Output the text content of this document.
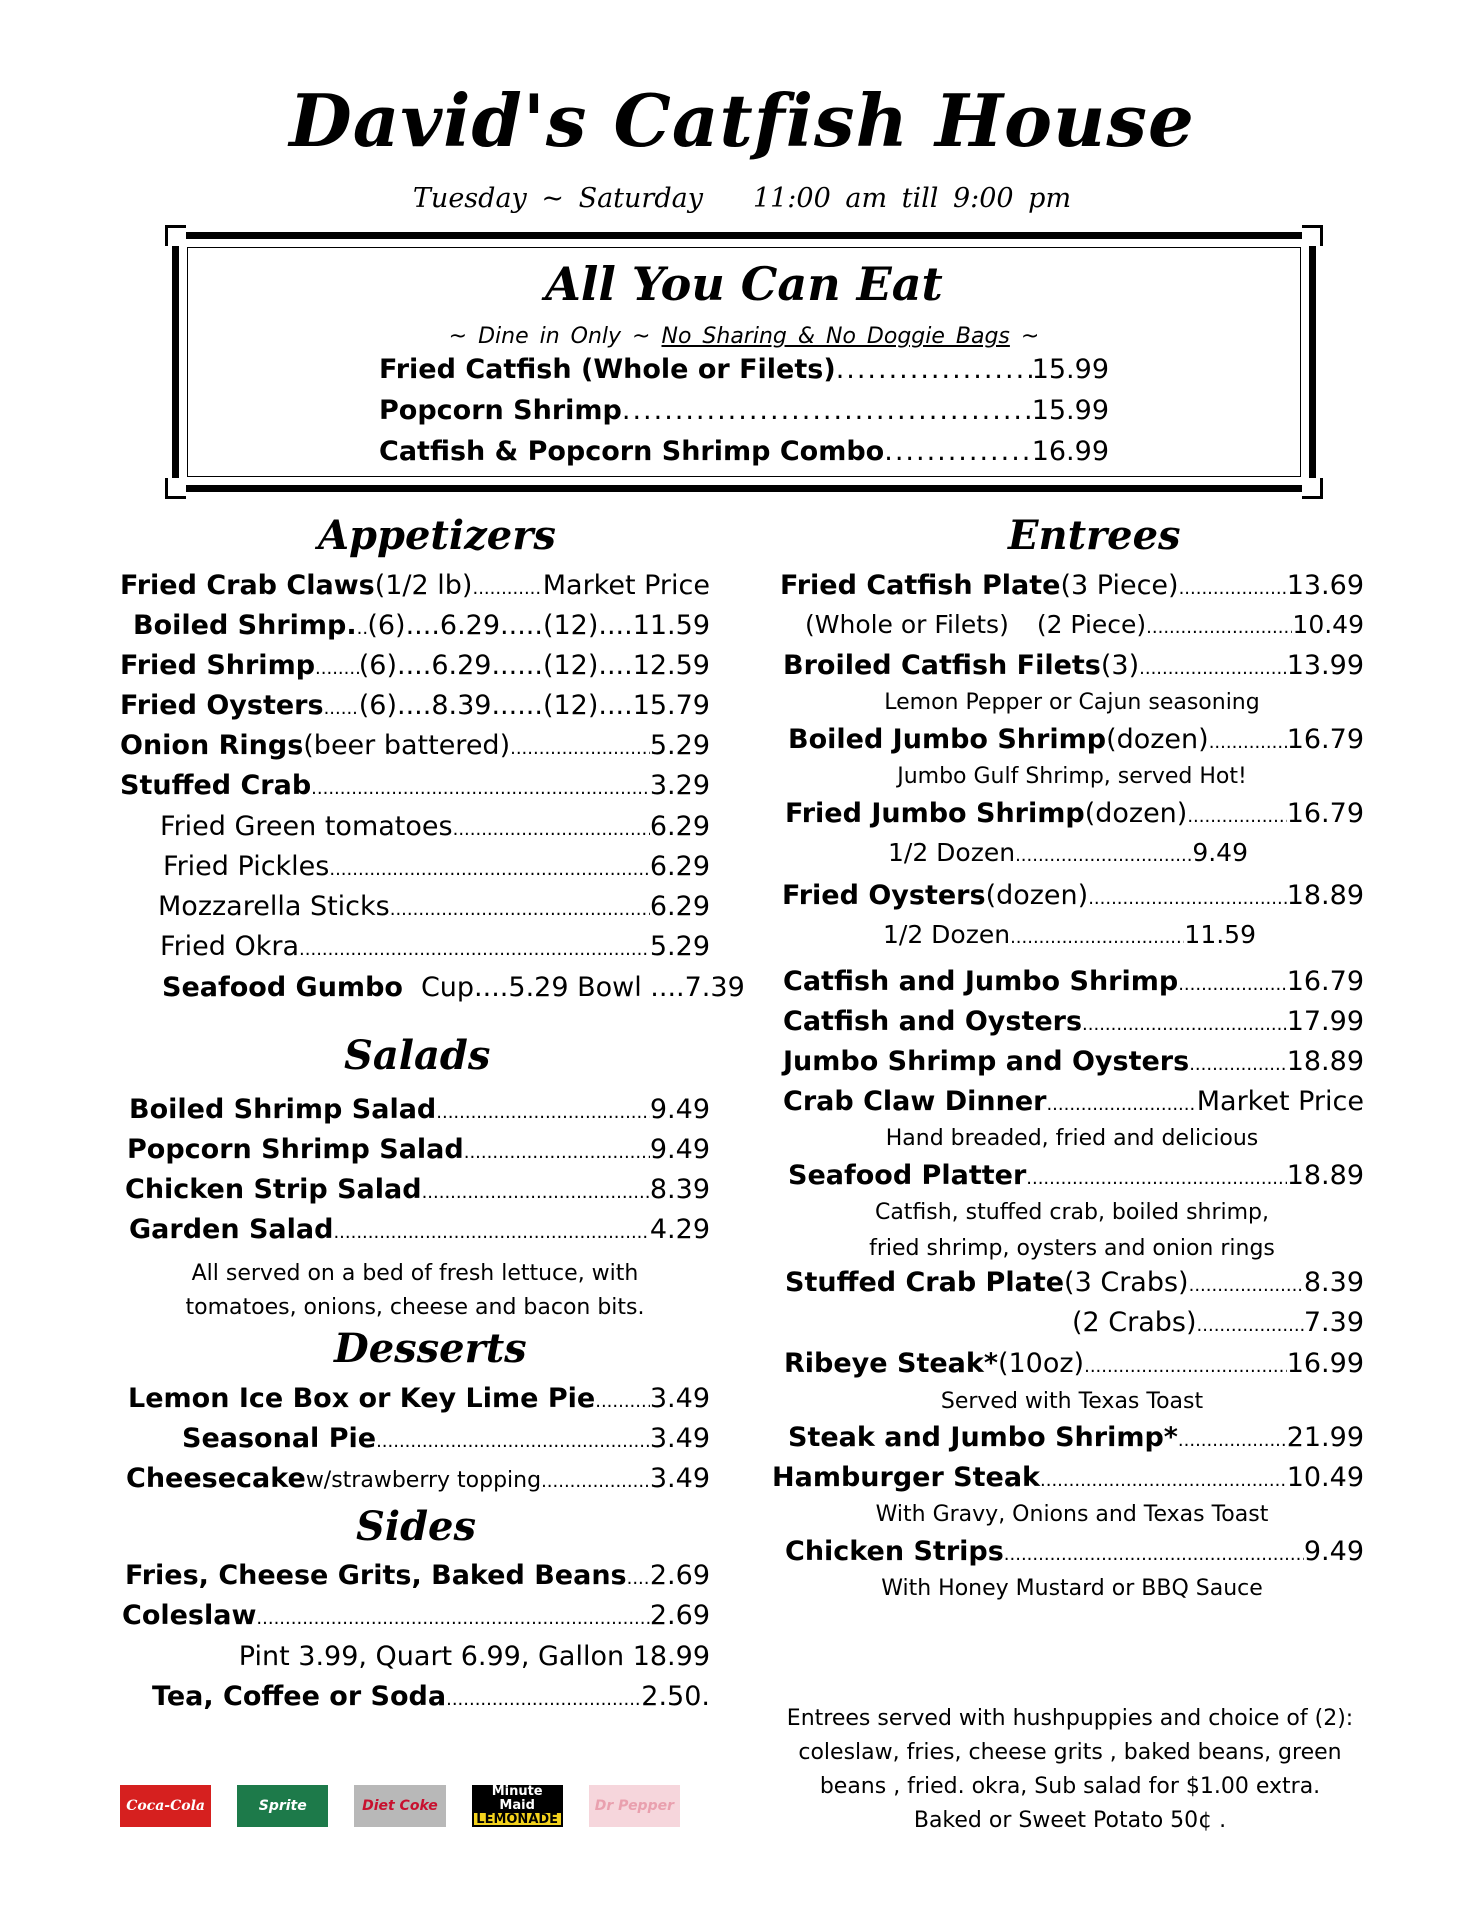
David's Catfish House
Tuesday ~ Saturday 11:00 am till 9:00 pm
All You Can Eat
~ Dine in Only ~ No Sharing & No Doggie Bags ~
Fried Catfish (Whole or Filets) .....	15.99
Popcorn Shrimp .....	15.99
Catfish & Popcorn Shrimp Combo .....	16.99
Appetizers
Fried Crab Claws (1/2 lb) .....	Market Price
Boiled Shrimp. ..... (6)....6.29.....(12)....11.59
Fried Shrimp ..... (6)....6.29......(12)....12.59
Fried Oysters ..... (6)....8.39......(12)....15.79
Onion Rings (beer battered) .....	5.29
Stuffed Crab .....	3.29
Fried Green tomatoes .....	6.29
Fried Pickles .....	6.29
Mozzarella Sticks .....	6.29
Fried Okra .....	5.29
Seafood Gumbo Cup....5.29 Bowl ....7.39
Salads
Boiled Shrimp Salad .....	9.49
Popcorn Shrimp Salad .....	9.49
Chicken Strip Salad .....	8.39
Garden Salad .....	4.29
All served on a bed of fresh lettuce, with
tomatoes, onions, cheese and bacon bits.
Desserts
Lemon Ice Box or Key Lime Pie ..... 3.49
Seasonal Pie .....	3.49
Cheesecake w/strawberry topping .....	3.49
Sides
Fries, Cheese Grits, Baked Beans ..... 2.69
Coleslaw .....	2.69
Pint 3.99, Quart 6.99, Gallon 18.99
Tea, Coffee or Soda .....	2.50.
Coca-Cola	Sprite	Diet Coke
Minute Maid
LEMONADE
Dr Pepper
Entrees
Fried Catfish Plate (3 Piece) .....	13.69
(Whole or Filets) (2 Piece) .....	10.49
Broiled Catfish Filets (3) .....	13.99
Lemon Pepper or Cajun seasoning
Boiled Jumbo Shrimp (dozen) .....	16.79
Jumbo Gulf Shrimp, served Hot!
Fried Jumbo Shrimp (dozen) .....	16.79
1/2 Dozen .....	9.49
Fried Oysters (dozen) .....	18.89
1/2 Dozen .....	11.59
Catfish and Jumbo Shrimp .....	16.79
Catfish and Oysters .....	17.99
Jumbo Shrimp and Oysters .....	18.89
Crab Claw Dinner .....	Market Price
Hand breaded, fried and delicious
Seafood Platter .....	18.89
Catfish, stuffed crab, boiled shrimp,
fried shrimp, oysters and onion rings
Stuffed Crab Plate (3 Crabs) .....	8.39
(2 Crabs) .....	7.39
Ribeye Steak* (10oz) .....	16.99
Served with Texas Toast
Steak and Jumbo Shrimp* .....	21.99
Hamburger Steak .....	10.49
With Gravy, Onions and Texas Toast
Chicken Strips .....	9.49
With Honey Mustard or BBQ Sauce
Entrees served with hushpuppies and choice of (2):
coleslaw, fries, cheese grits , baked beans, green
beans , fried. okra, Sub salad for $1.00 extra.
Baked or Sweet Potato 50¢ .
